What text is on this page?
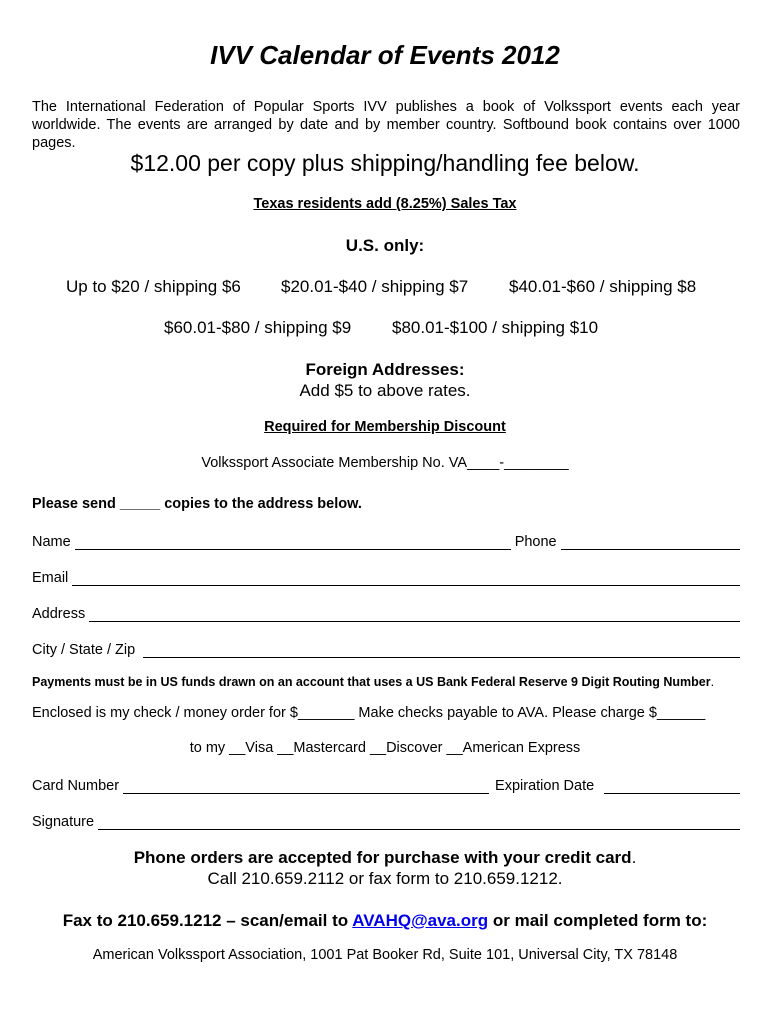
IVV Calendar of Events 2012
The International Federation of Popular Sports IVV publishes a book of Volkssport events each year worldwide. The events are arranged by date and by member country. Softbound book contains over 1000 pages.
$12.00 per copy plus shipping/handling fee below.
Texas residents add (8.25%) Sales Tax
U.S. only:
Up to $20 / shipping $6 $20.01-$40 / shipping $7 $40.01-$60 / shipping $8
$60.01-$80 / shipping $9 $80.01-$100 / shipping $10
Foreign Addresses:
Add $5 to above rates.
Required for Membership Discount
Volkssport Associate Membership No. VA____-________
Please send _____ copies to the address below.
Name	Phone
Email
Address
City / State / Zip
Payments must be in US funds drawn on an account that uses a US Bank Federal Reserve 9 Digit Routing Number.
Enclosed is my check / money order for $_______ Make checks payable to AVA. Please charge $______
to my __Visa __Mastercard __Discover __American Express
Card Number	Expiration Date
Signature
Phone orders are accepted for purchase with your credit card.
Call 210.659.2112 or fax form to 210.659.1212.
Fax to 210.659.1212 – scan/email to AVAHQ@ava.org or mail completed form to:
American Volkssport Association, 1001 Pat Booker Rd, Suite 101, Universal City, TX 78148
